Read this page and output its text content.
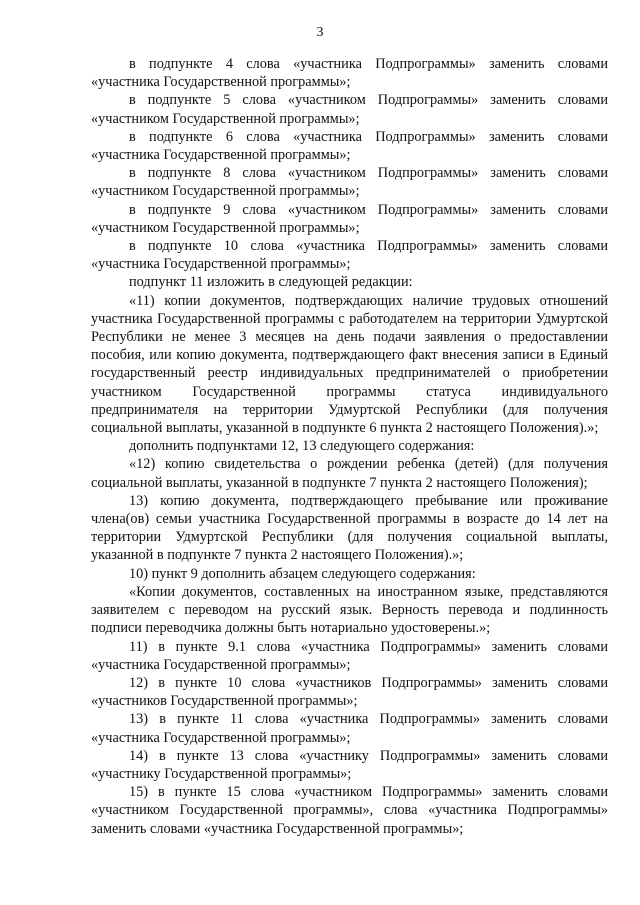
3

в подпункте 4 слова «участника Подпрограммы» заменить словами «участника Государственной программы»;

в подпункте 5 слова «участником Подпрограммы» заменить словами «участником Государственной программы»;

в подпункте 6 слова «участника Подпрограммы» заменить словами «участника Государственной программы»;

в подпункте 8 слова «участником Подпрограммы» заменить словами «участником Государственной программы»;

в подпункте 9 слова «участником Подпрограммы» заменить словами «участником Государственной программы»;

в подпункте 10 слова «участника Подпрограммы» заменить словами «участника Государственной программы»;

подпункт 11 изложить в следующей редакции:

«11) копии документов, подтверждающих наличие трудовых отношений участника Государственной программы с работодателем на территории Удмуртской Республики не менее 3 месяцев на день подачи заявления о предоставлении пособия, или копию документа, подтверждающего факт внесения записи в Единый государственный реестр индивидуальных предпринимателей о приобретении участником Государственной программы статуса индивидуального предпринимателя на территории Удмуртской Республики (для получения социальной выплаты, указанной в подпункте 6 пункта 2 настоящего Положения).»;

дополнить подпунктами 12, 13 следующего содержания:

«12) копию свидетельства о рождении ребенка (детей) (для получения социальной выплаты, указанной в подпункте 7 пункта 2 настоящего Положения);

13) копию документа, подтверждающего пребывание или проживание члена(ов) семьи участника Государственной программы в возрасте до 14 лет на территории Удмуртской Республики (для получения социальной выплаты, указанной в подпункте 7 пункта 2 настоящего Положения).»;

10) пункт 9 дополнить абзацем следующего содержания:

«Копии документов, составленных на иностранном языке, представляются заявителем с переводом на русский язык. Верность перевода и подлинность подписи переводчика должны быть нотариально удостоверены.»;

11) в пункте 9.1 слова «участника Подпрограммы» заменить словами «участника Государственной программы»;

12) в пункте 10 слова «участников Подпрограммы» заменить словами «участников Государственной программы»;

13) в пункте 11 слова «участника Подпрограммы» заменить словами «участника Государственной программы»;

14) в пункте 13 слова «участнику Подпрограммы» заменить словами «участнику Государственной программы»;

15) в пункте 15 слова «участником Подпрограммы» заменить словами «участником Государственной программы», слова «участника Подпрограммы» заменить словами «участника Государственной программы»;
